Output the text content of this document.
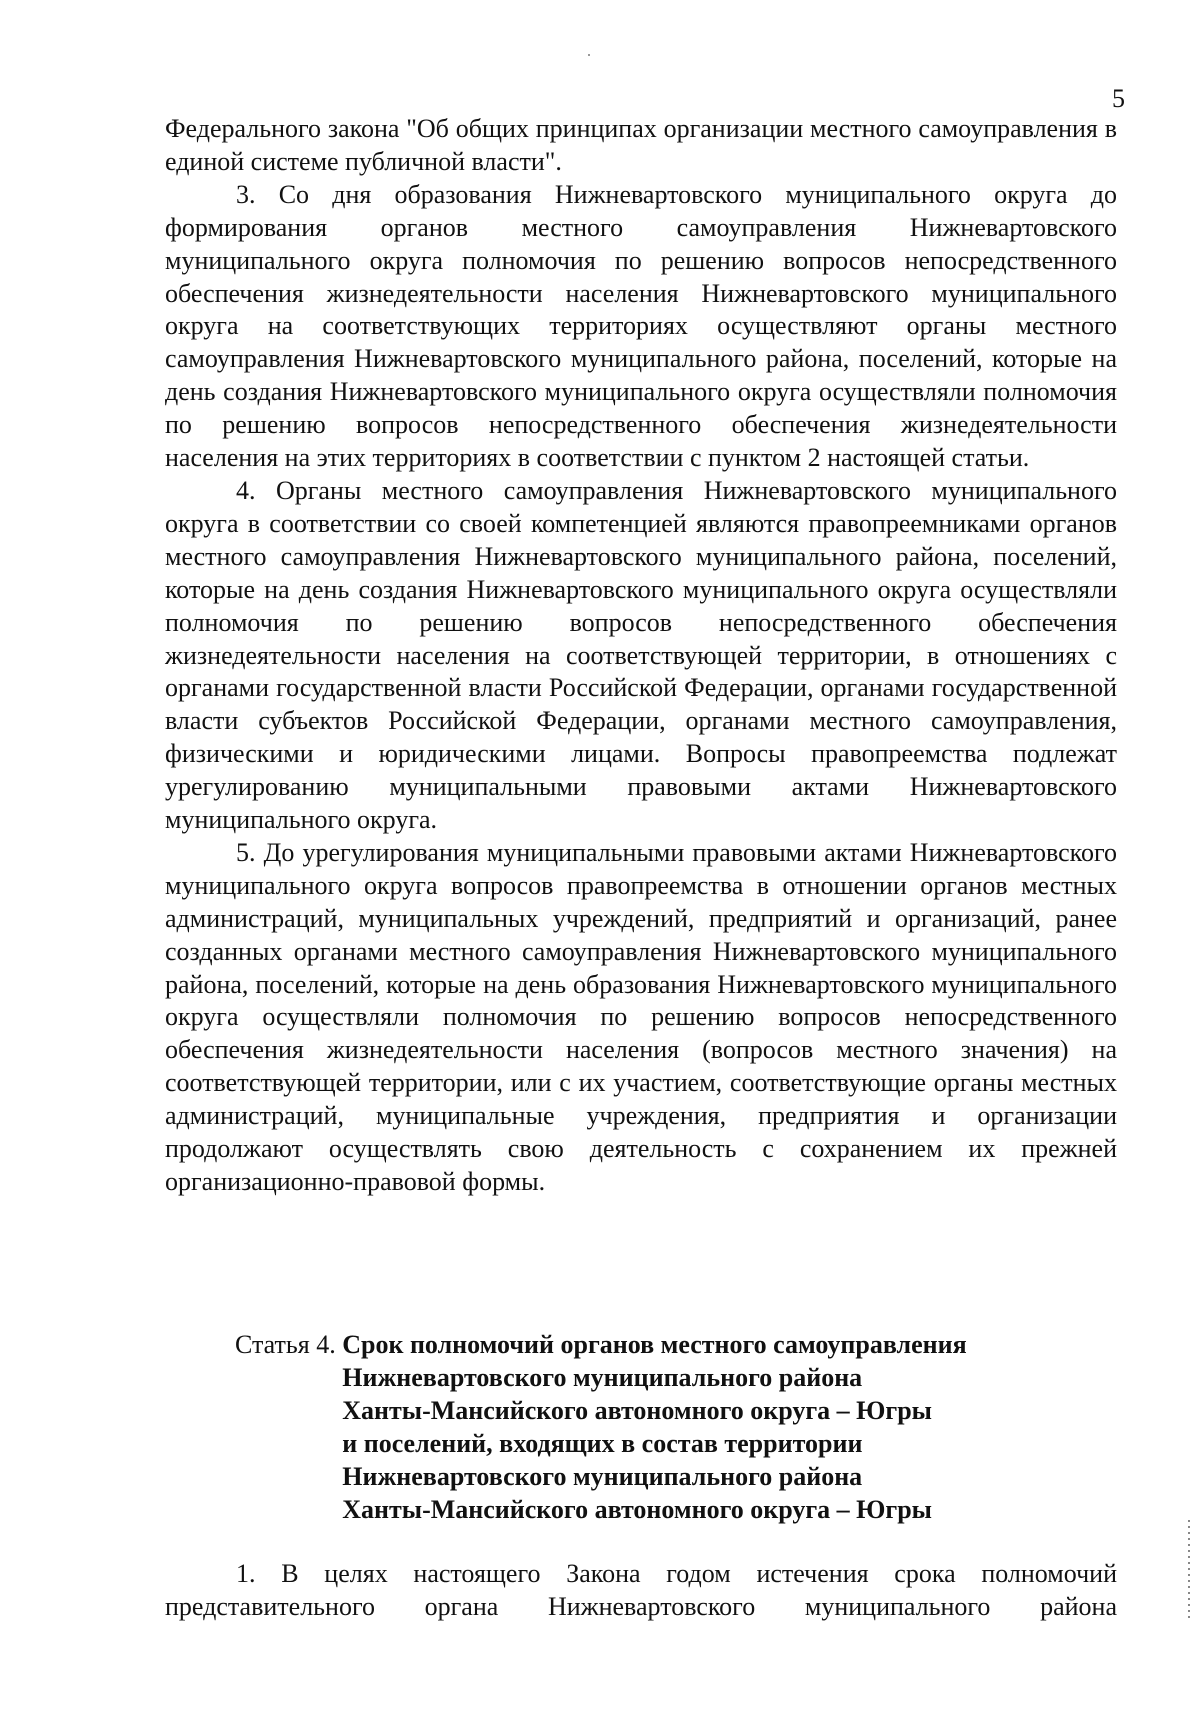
5

Федерального закона "Об общих принципах организации местного самоуправления в единой системе публичной власти".

3. Со дня образования Нижневартовского муниципального округа до формирования органов местного самоуправления Нижневартовского муниципального округа полномочия по решению вопросов непосредственного обеспечения жизнедеятельности населения Нижневартовского муниципального округа на соответствующих территориях осуществляют органы местного самоуправления Нижневартовского муниципального района, поселений, которые на день создания Нижневартовского муниципального округа осуществляли полномочия по решению вопросов непосредственного обеспечения жизнедеятельности населения на этих территориях в соответствии с пунктом 2 настоящей статьи.

4. Органы местного самоуправления Нижневартовского муниципального округа в соответствии со своей компетенцией являются правопреемниками органов местного самоуправления Нижневартовского муниципального района, поселений, которые на день создания Нижневартовского муниципального округа осуществляли полномочия по решению вопросов непосредственного обеспечения жизнедеятельности населения на соответствующей территории, в отношениях с органами государственной власти Российской Федерации, органами государственной власти субъектов Российской Федерации, органами местного самоуправления, физическими и юридическими лицами. Вопросы правопреемства подлежат урегулированию муниципальными правовыми актами Нижневартовского муниципального округа.

5. До урегулирования муниципальными правовыми актами Нижневартовского муниципального округа вопросов правопреемства в отношении органов местных администраций, муниципальных учреждений, предприятий и организаций, ранее созданных органами местного самоуправления Нижневартовского муниципального района, поселений, которые на день образования Нижневартовского муниципального округа осуществляли полномочия по решению вопросов непосредственного обеспечения жизнедеятельности населения (вопросов местного значения) на соответствующей территории, или с их участием, соответствующие органы местных администраций, муниципальные учреждения, предприятия и организации продолжают осуществлять свою деятельность с сохранением их прежней организационно-правовой формы.

Статья 4. Срок полномочий органов местного самоуправления
Нижневартовского муниципального района
Ханты-Мансийского автономного округа – Югры
и поселений, входящих в состав территории
Нижневартовского муниципального района
Ханты-Мансийского автономного округа – Югры

1. В целях настоящего Закона годом истечения срока полномочий представительного органа Нижневартовского муниципального района
